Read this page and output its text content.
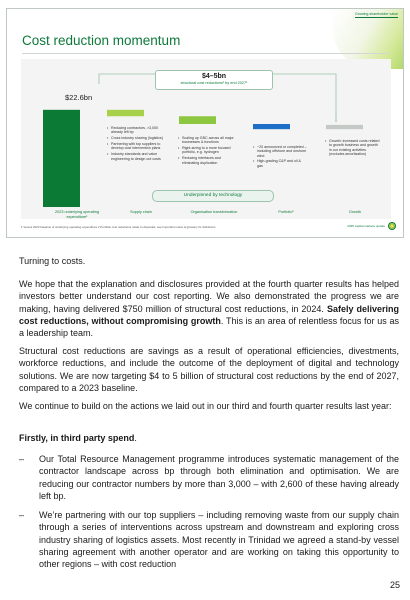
Growing shareholder value
Cost reduction momentum
$22.6bn
$4–5bn
structural cost reductions¹ by end 2027¹
• Reducing contractors, >3,000 already left bp
• Cross industry sharing (logistics)
• Partnering with top suppliers to develop cost intervention plans
• Industry standards and value engineering to design out costs
• Scaling up GBC across all major businesses & functions
• Right-sizing to a more focused portfolio, e.g. hydrogen
• Reducing interfaces and eliminating duplication
• ~20 announced or completed – including offshore and onshore wind
• High-grading C&P and oil & gas
• Growth: increased costs related to growth business and growth in our existing activities (excludes amortisation)
Underpinned by technology
2023 underlying operating expenditure¹
Supply chain	Organisation transformation	Portfolio²	Growth
1 Versus 2023 baseline of underlying operating expenditure 2 Portfolio cost reductions relate to disposals; see Important notice & glossary for definitions	2025 capital markets update

Turning to costs.

We hope that the explanation and disclosures provided at the fourth quarter results has helped investors better understand our cost reporting. We also demonstrated the progress we are making, having delivered $750 million of structural cost reductions, in 2024. Safely delivering cost reductions, without compromising growth. This is an area of relentless focus for us as a leadership team.

Structural cost reductions are savings as a result of operational efficiencies, divestments, workforce reductions, and include the outcome of the deployment of digital and technology solutions. We are now targeting $4 to 5 billion of structural cost reductions by the end of 2027, compared to a 2023 baseline.

We continue to build on the actions we laid out in our third and fourth quarter results last year:

Firstly, in third party spend.

– Our Total Resource Management programme introduces systematic management of the contractor landscape across bp through both elimination and optimisation. We are reducing our contractor numbers by more than 3,000 – with 2,600 of these having already left bp.
– We’re partnering with our top suppliers – including removing waste from our supply chain through a series of interventions across upstream and downstream and exploring cross industry sharing of logistics assets. Most recently in Trinidad we agreed a stand-by vessel sharing agreement with another operator and are working on taking this opportunity to other regions – with cost reduction
25
